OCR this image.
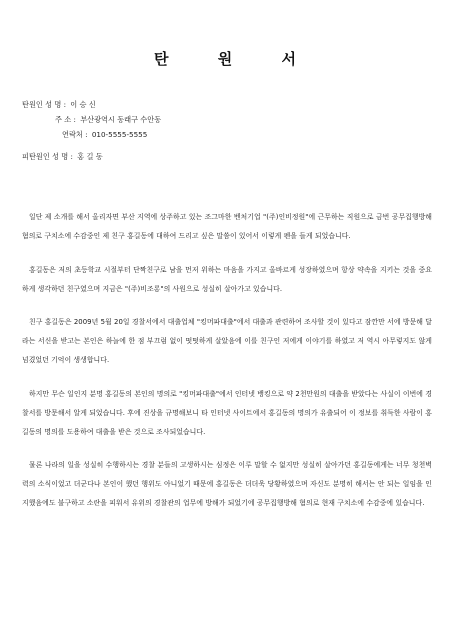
탄 원 서
탄원인 성 명 : 이 승 신
주 소 : 부산광역시 동래구 수안동
연락처 : 010-5555-5555
피탄원인 성 명 : 홍 길 동

일단 제 소개를 해서 올리자면 부산 지역에 상주하고 있는 조그마한 벤처기업 "(주)인비정원"에 근무하는 직원으로 금번 공무집행방해 혐의로 구치소에 수감중인 제 친구 홍길동에 대하여 드리고 싶은 말씀이 있어서 이렇게 펜을 들게 되었습니다.

홍길동은 저의 초등학교 시절부터 단짝친구로 남을 먼저 위하는 마음을 가지고 올바르게 성장하였으며 항상 약속을 지키는 것을 중요하게 생각하던 친구였으며 지금은 "(주)비조롱"의 사원으로 성실히 살아가고 있습니다.

친구 홍길동은 2009년 5월 20일 경찰서에서 대출업체 "킹머파대출"에서 대출과 관련하여 조사할 것이 있다고 잠깐만 서에 방문해 달라는 서신을 받고는 본인은 하늘에 한 점 부끄럼 없이 떳떳하게 살았음에 이를 친구인 저에게 이야기를 하였고 저 역시 아무렇지도 않게 넘겼었던 기억이 생생합니다.

하지만 무슨 일인지 분명 홍길동의 본인의 명의로 "킹머파대출"에서 인터넷 뱅킹으로 약 2천만원의 대출을 받았다는 사실이 이번에 경찰서를 방문해서 알게 되었습니다. 후에 진상을 규명해보니 타 인터넷 사이트에서 홍길동의 명의가 유출되어 이 정보를 취득한 사람이 홍길동의 명의를 도용하여 대출을 받은 것으로 조사되었습니다.

물론 나라의 일을 성실히 수행하시는 경찰 분들의 고생하시는 심정은 이루 말할 수 없지만 성실히 살아가던 홍길동에게는 너무 청천벽력의 소식이었고 더군다나 본인이 했던 행위도 아니었기 때문에 홍길동은 더더욱 당황하였으며 자신도 분명히 해서는 안 되는 일임을 인지했음에도 불구하고 소란을 피워서 유위의 경찰관의 업무에 방해가 되었기에 공무집행방해 혐의로 현재 구치소에 수감중에 있습니다.
